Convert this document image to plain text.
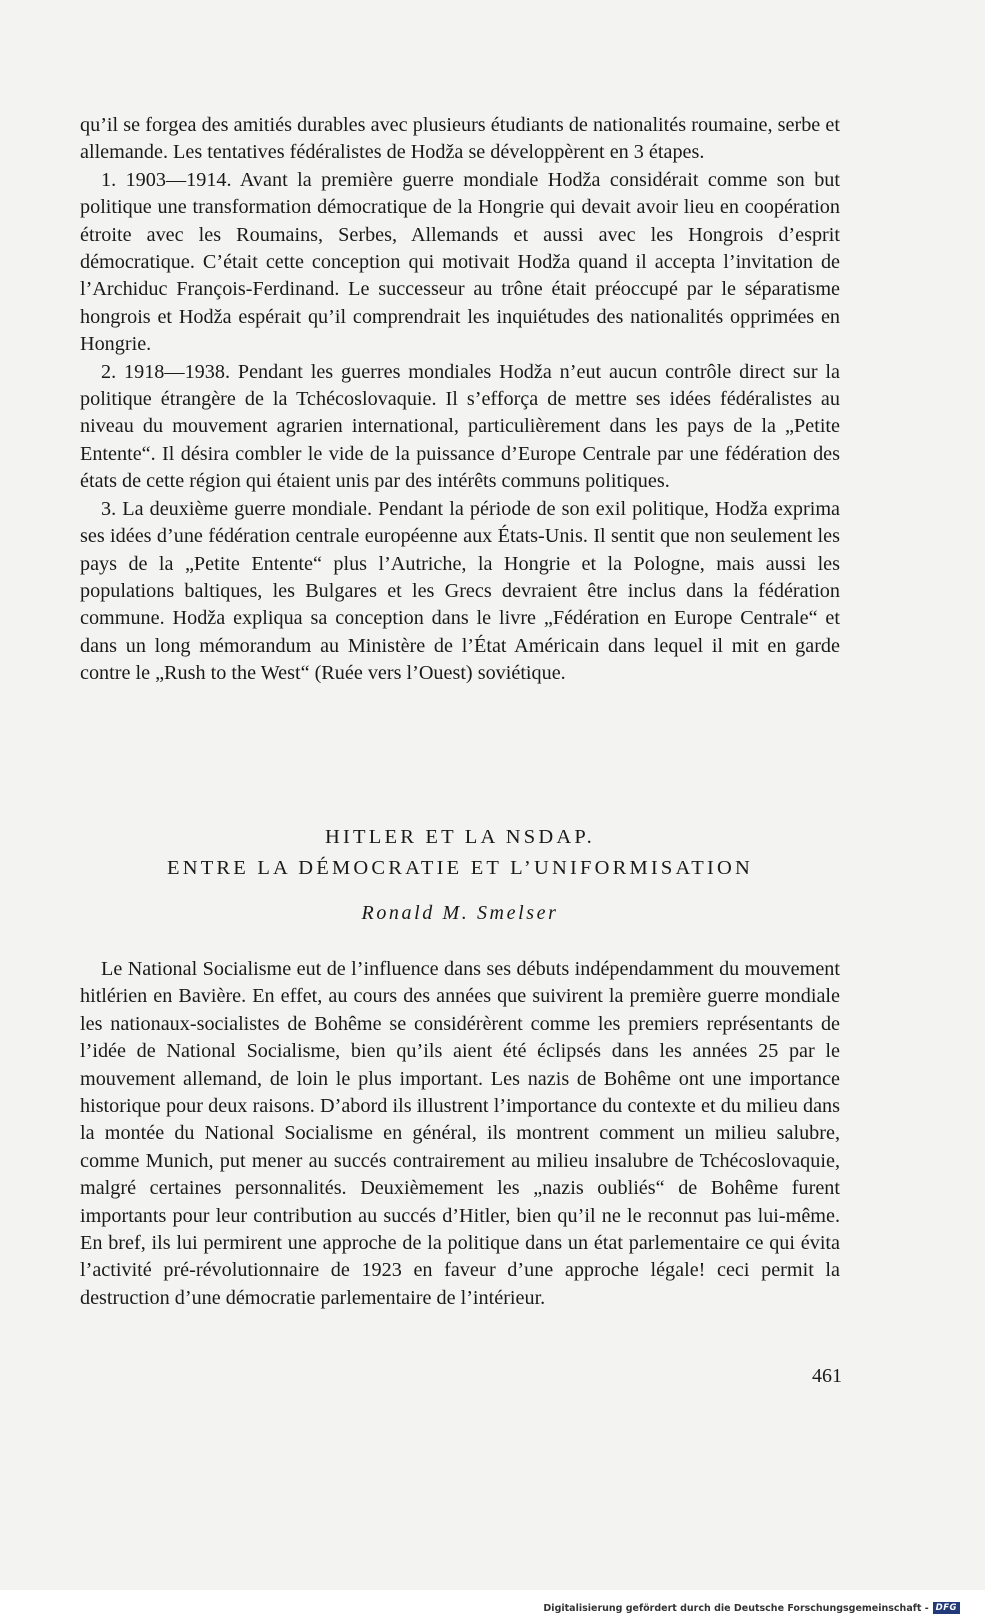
qu’il se forgea des amitiés durables avec plusieurs étudiants de nationalités roumaine, serbe et allemande. Les tentatives fédéralistes de Hodža se développèrent en 3 étapes.

1. 1903—1914. Avant la première guerre mondiale Hodža considérait comme son but politique une transformation démocratique de la Hongrie qui devait avoir lieu en coopération étroite avec les Roumains, Serbes, Allemands et aussi avec les Hongrois d’esprit démocratique. C’était cette conception qui motivait Hodža quand il accepta l’invitation de l’Archiduc François-Ferdinand. Le successeur au trône était préoccupé par le séparatisme hongrois et Hodža espérait qu’il comprendrait les inquiétudes des nationalités opprimées en Hongrie.

2. 1918—1938. Pendant les guerres mondiales Hodža n’eut aucun contrôle direct sur la politique étrangère de la Tchécoslovaquie. Il s’efforça de mettre ses idées fédéralistes au niveau du mouvement agrarien international, particulièrement dans les pays de la „Petite Entente“. Il désira combler le vide de la puissance d’Europe Centrale par une fédération des états de cette région qui étaient unis par des intérêts communs politiques.

3. La deuxième guerre mondiale. Pendant la période de son exil politique, Hodža exprima ses idées d’une fédération centrale européenne aux États-Unis. Il sentit que non seulement les pays de la „Petite Entente“ plus l’Autriche, la Hongrie et la Pologne, mais aussi les populations baltiques, les Bulgares et les Grecs devraient être inclus dans la fédération commune. Hodža expliqua sa conception dans le livre „Fédération en Europe Centrale“ et dans un long mémorandum au Ministère de l’État Américain dans lequel il mit en garde contre le „Rush to the West“ (Ruée vers l’Ouest) soviétique.

HITLER ET LA NSDAP.
ENTRE LA DÉMOCRATIE ET L’UNIFORMISATION
Ronald M. Smelser

Le National Socialisme eut de l’influence dans ses débuts indépendamment du mouvement hitlérien en Bavière. En effet, au cours des années que suivirent la première guerre mondiale les nationaux-socialistes de Bohême se considérèrent comme les premiers représentants de l’idée de National Socialisme, bien qu’ils aient été éclipsés dans les années 25 par le mouvement allemand, de loin le plus important. Les nazis de Bohême ont une importance historique pour deux raisons. D’abord ils illustrent l’importance du contexte et du milieu dans la montée du National Socialisme en général, ils montrent comment un milieu salubre, comme Munich, put mener au succés contrairement au milieu insalubre de Tchécoslovaquie, malgré certaines personnalités. Deuxièmement les „nazis oubliés“ de Bohême furent importants pour leur contribution au succés d’Hitler, bien qu’il ne le reconnut pas lui-même. En bref, ils lui permirent une approche de la politique dans un état parlementaire ce qui évita l’activité pré-révolutionnaire de 1923 en faveur d’une approche légale! ceci permit la destruction d’une démocratie parlementaire de l’intérieur.

461
Digitalisierung gefördert durch die Deutsche Forschungsgemeinschaft - DFG
